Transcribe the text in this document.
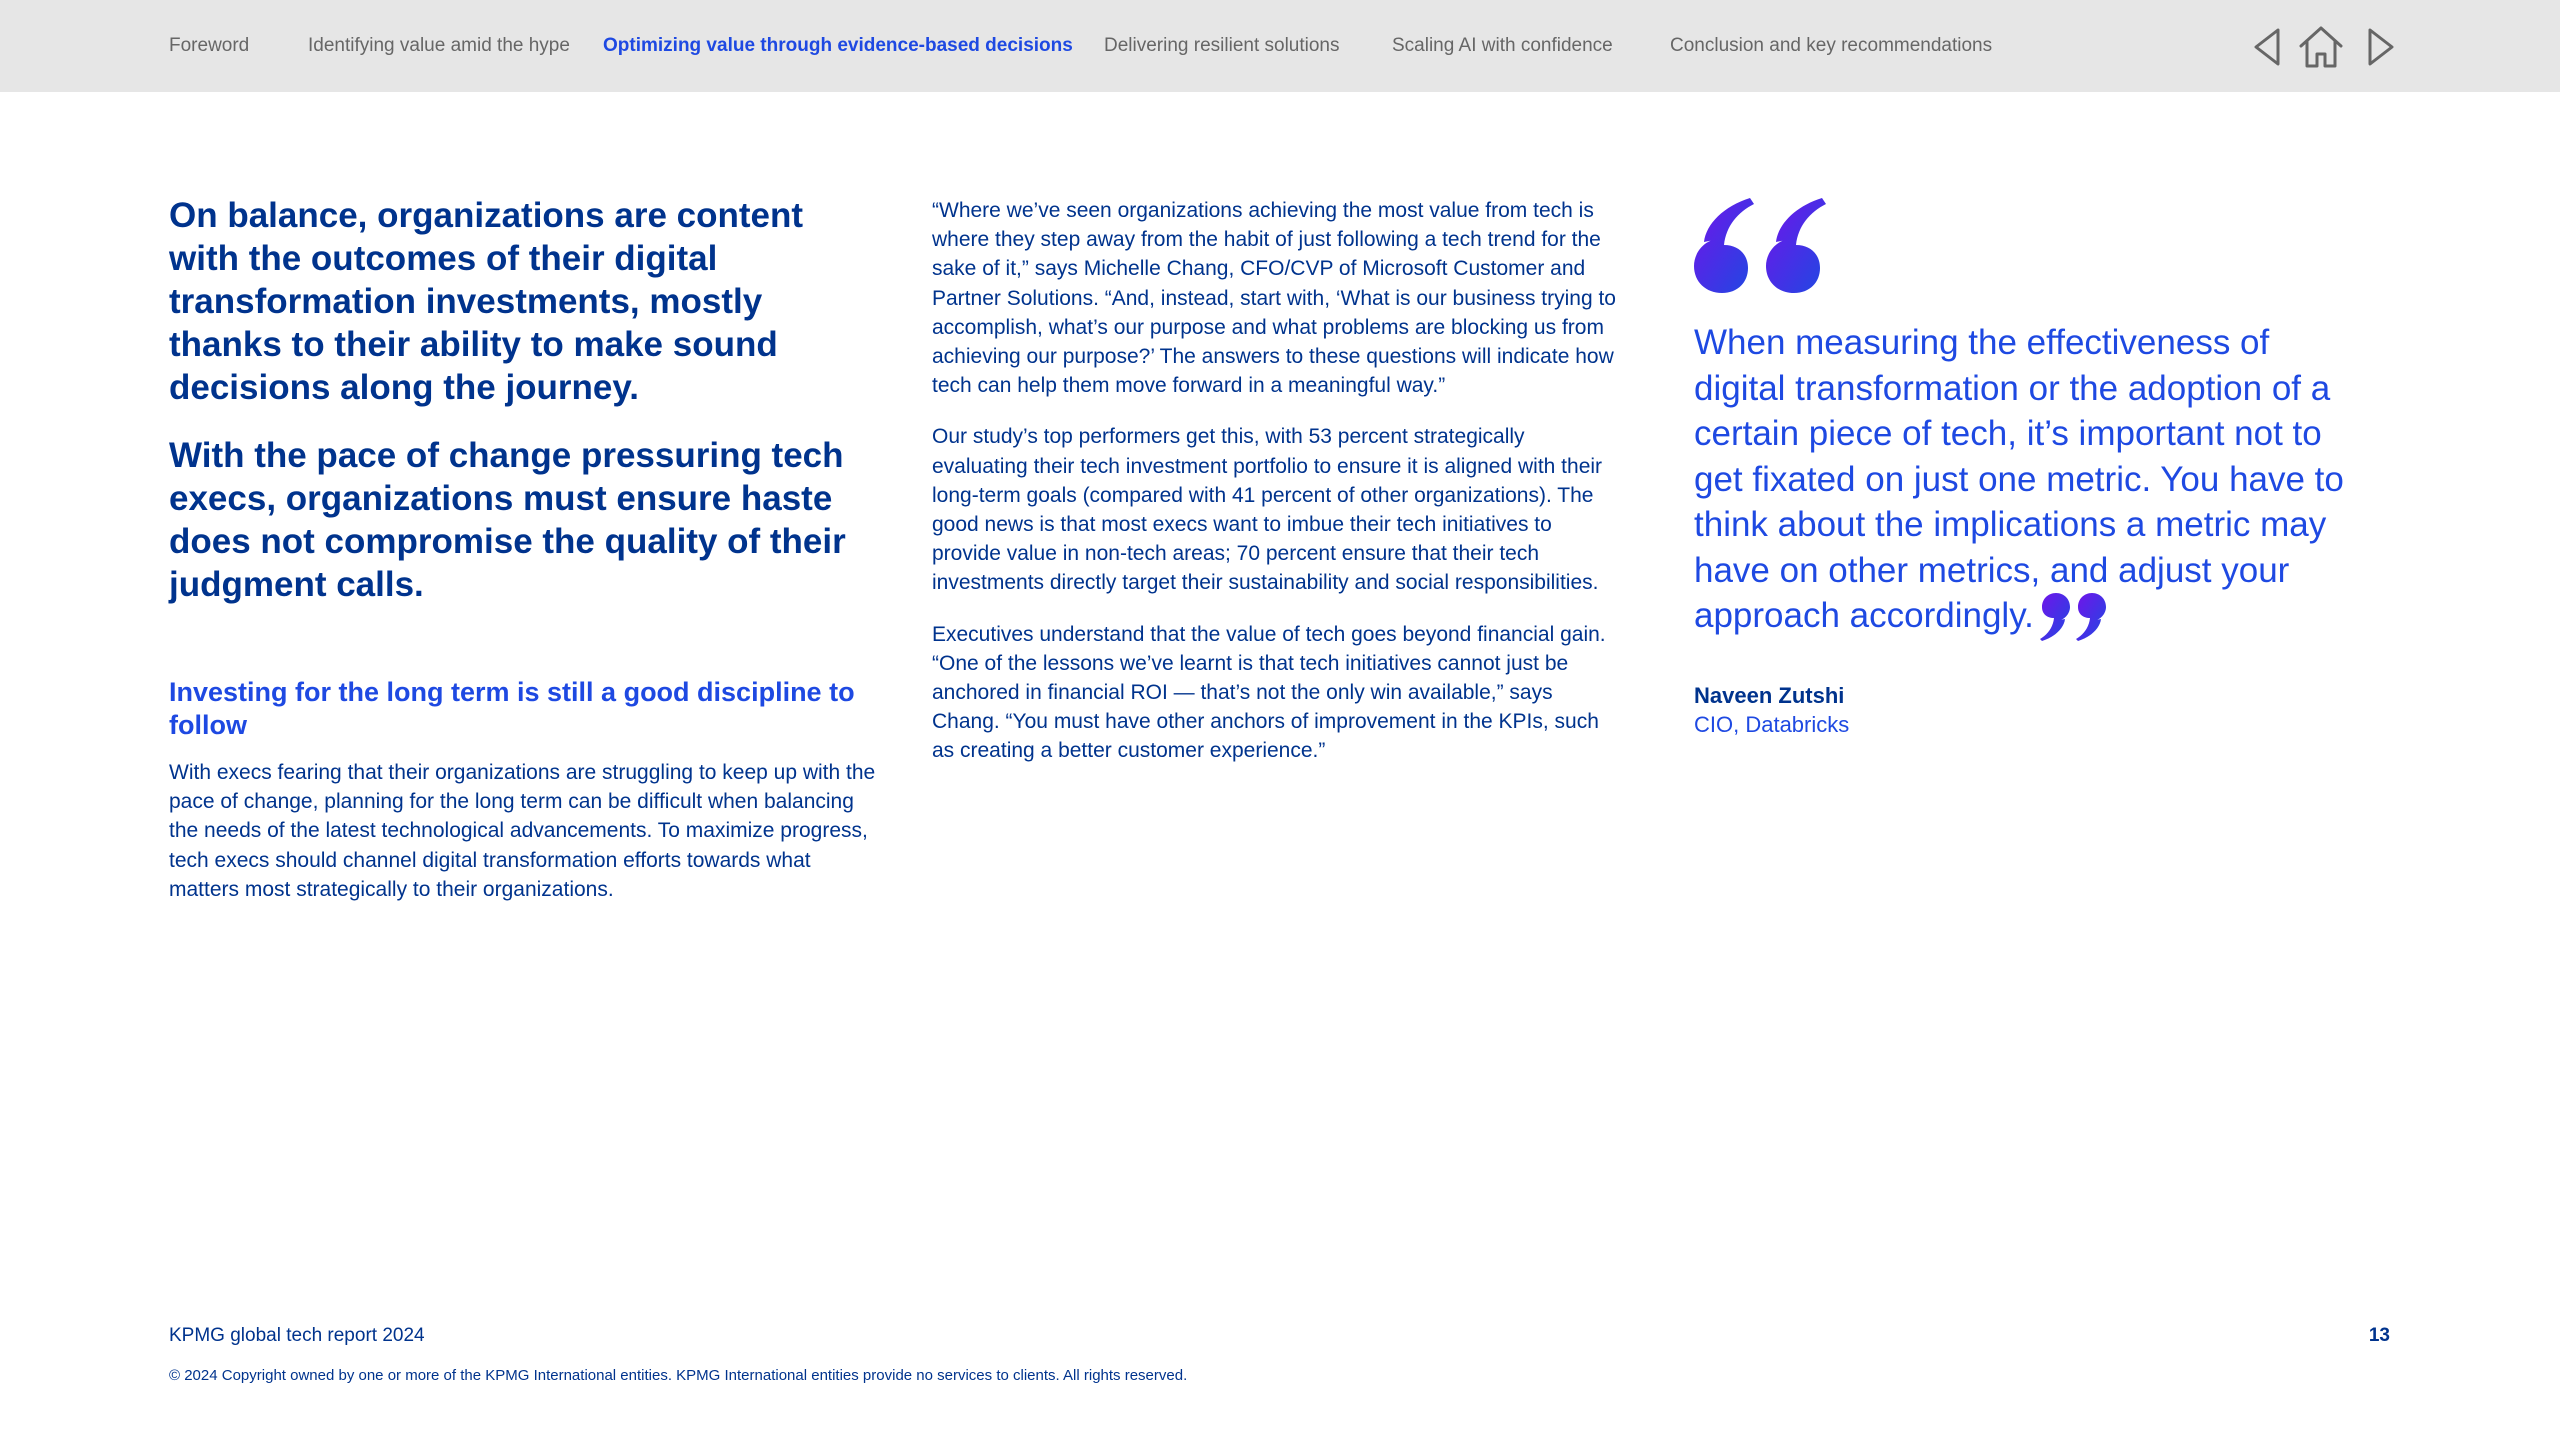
Foreword	Identifying value amid the hype Optimizing value through evidence-based decisions Delivering resilient solutions	Scaling AI with confidence	Conclusion and key recommendations

On balance, organizations are content with the outcomes of their digital transformation investments, mostly thanks to their ability to make sound decisions along the journey.

With the pace of change pressuring tech execs, organizations must ensure haste does not compromise the quality of their judgment calls.

Investing for the long term is still a good discipline to follow

With execs fearing that their organizations are struggling to keep up with the pace of change, planning for the long term can be difficult when balancing the needs of the latest technological advancements. To maximize progress, tech execs should channel digital transformation efforts towards what matters most strategically to their organizations.

“Where we’ve seen organizations achieving the most value from tech is where they step away from the habit of just following a tech trend for the sake of it,” says Michelle Chang, CFO/CVP of Microsoft Customer and Partner Solutions. “And, instead, start with, ‘What is our business trying to accomplish, what’s our purpose and what problems are blocking us from achieving our purpose?’ The answers to these questions will indicate how tech can help them move forward in a meaningful way.”

Our study’s top performers get this, with 53 percent strategically evaluating their tech investment portfolio to ensure it is aligned with their long-term goals (compared with 41 percent of other organizations). The good news is that most execs want to imbue their tech initiatives to provide value in non-tech areas; 70 percent ensure that their tech investments directly target their sustainability and social responsibilities.

Executives understand that the value of tech goes beyond financial gain. “One of the lessons we’ve learnt is that tech initiatives cannot just be anchored in financial ROI — that’s not the only win available,” says Chang. “You must have other anchors of improvement in the KPIs, such as creating a better customer experience.”

When measuring the effectiveness of digital transformation or the adoption of a certain piece of tech, it’s important not to get fixated on just one metric. You have to think about the implications a metric may have on other metrics, and adjust your approach accordingly.

Naveen Zutshi

CIO, Databricks

KPMG global tech report 2024	13
© 2024 Copyright owned by one or more of the KPMG International entities. KPMG International entities provide no services to clients. All rights reserved.
